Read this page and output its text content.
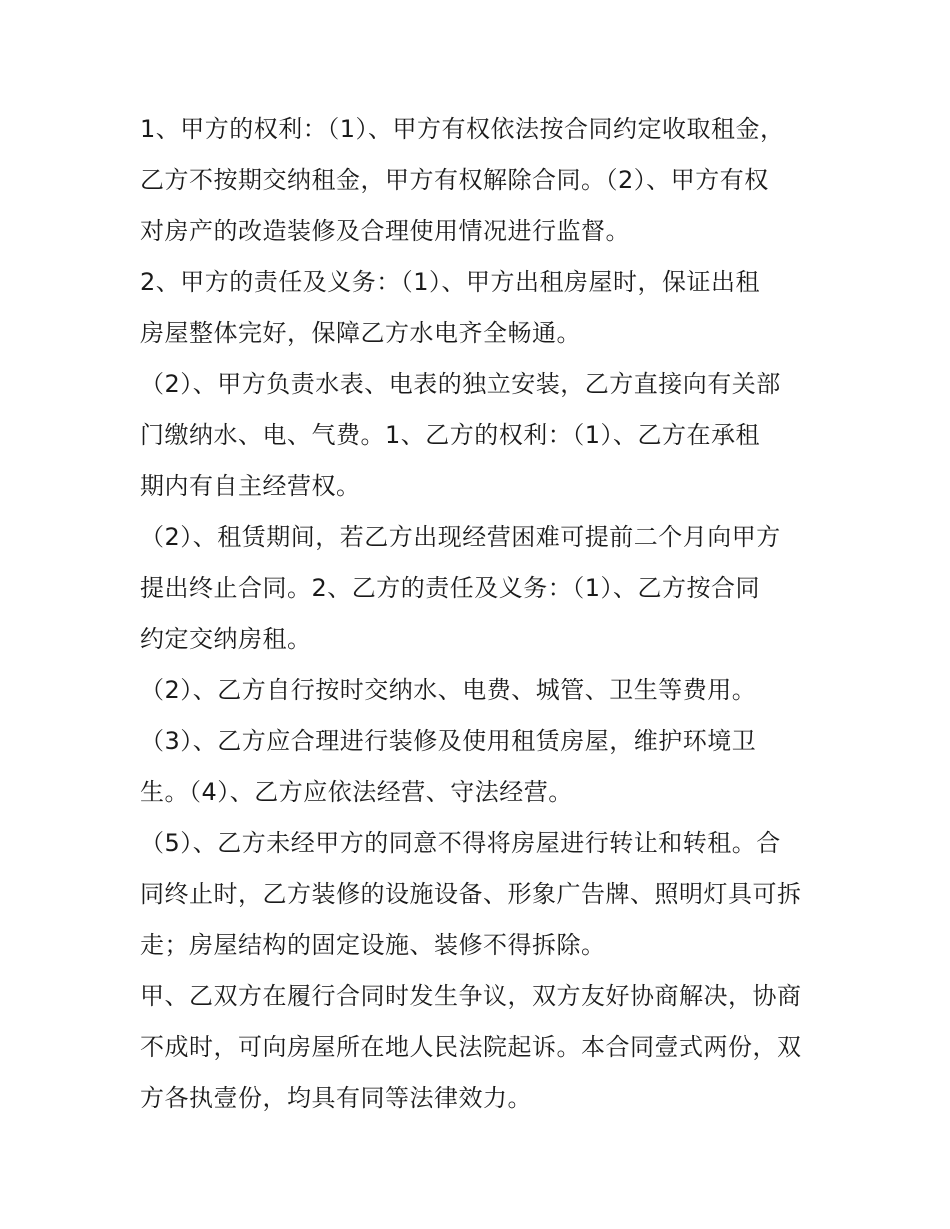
1、甲方的权利：（1）、甲方有权依法按合同约定收取租金，
乙方不按期交纳租金，甲方有权解除合同。（2）、甲方有权
对房产的改造装修及合理使用情况进行监督。
2、甲方的责任及义务：（1）、甲方出租房屋时，保证出租
房屋整体完好，保障乙方水电齐全畅通。
（2）、甲方负责水表、电表的独立安装，乙方直接向有关部
门缴纳水、电、气费。1、乙方的权利：（1）、乙方在承租
期内有自主经营权。
（2）、租赁期间，若乙方出现经营困难可提前二个月向甲方
提出终止合同。2、乙方的责任及义务：（1）、乙方按合同
约定交纳房租。
（2）、乙方自行按时交纳水、电费、城管、卫生等费用。
（3）、乙方应合理进行装修及使用租赁房屋，维护环境卫
生。（4）、乙方应依法经营、守法经营。
（5）、乙方未经甲方的同意不得将房屋进行转让和转租。合
同终止时，乙方装修的设施设备、形象广告牌、照明灯具可拆
走；房屋结构的固定设施、装修不得拆除。
甲、乙双方在履行合同时发生争议，双方友好协商解决，协商
不成时，可向房屋所在地人民法院起诉。本合同壹式两份，双
方各执壹份，均具有同等法律效力。
